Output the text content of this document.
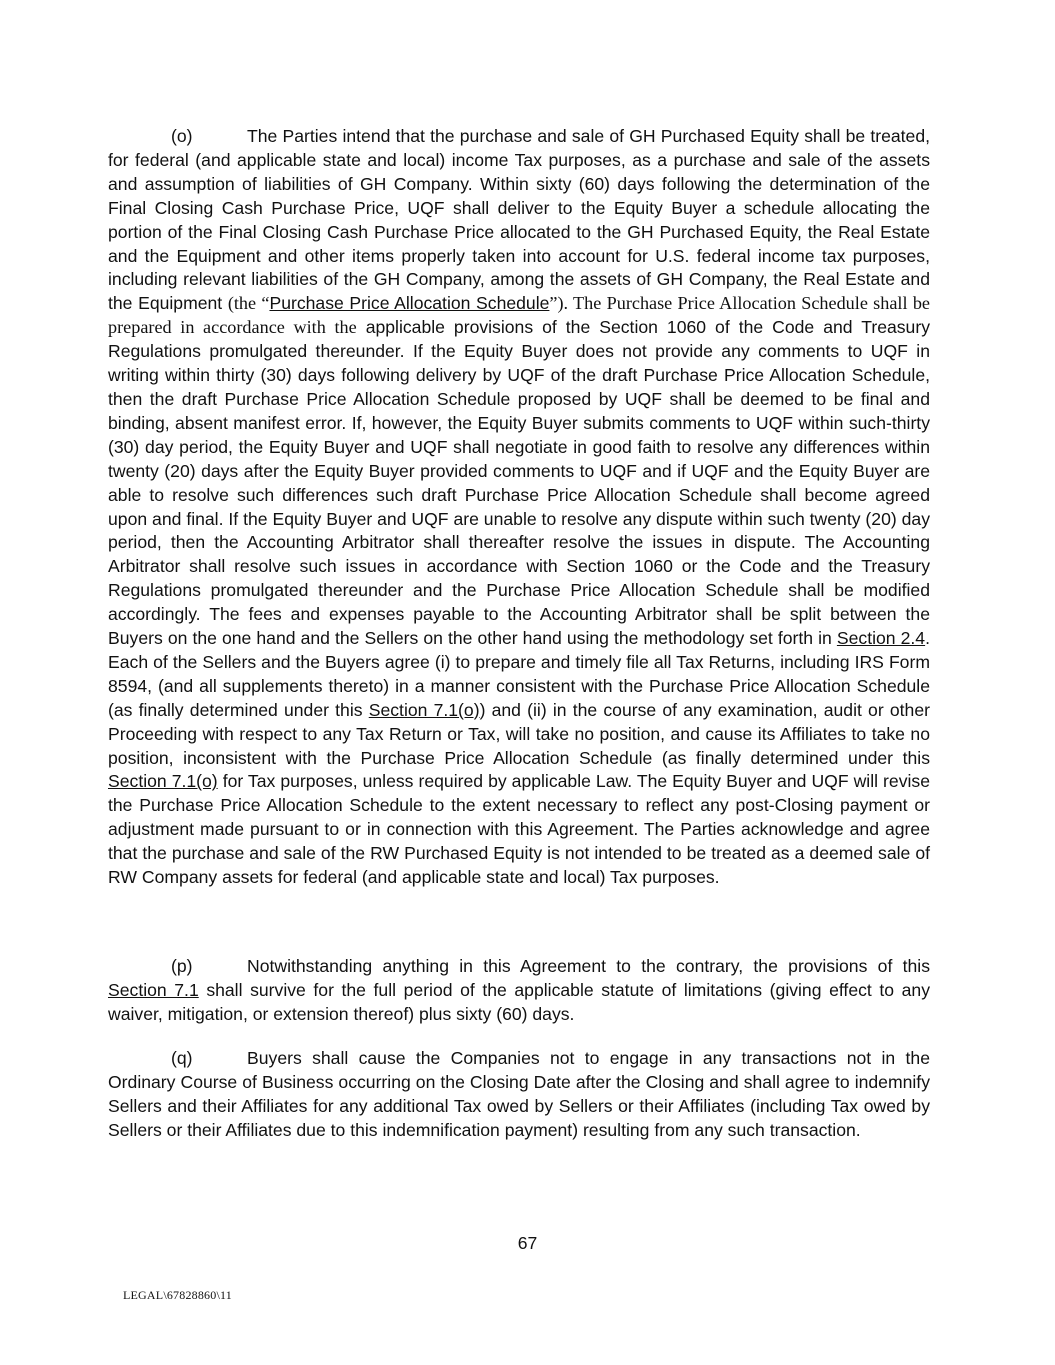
(o)	The Parties intend that the purchase and sale of GH Purchased Equity shall be treated, for federal (and applicable state and local) income Tax purposes, as a purchase and sale of the assets and assumption of liabilities of GH Company. Within sixty (60) days following the determination of the Final Closing Cash Purchase Price, UQF shall deliver to the Equity Buyer a schedule allocating the portion of the Final Closing Cash Purchase Price allocated to the GH Purchased Equity, the Real Estate and the Equipment and other items properly taken into account for U.S. federal income tax purposes, including relevant liabilities of the GH Company, among the assets of GH Company, the Real Estate and the Equipment (the “Purchase Price Allocation Schedule”). The Purchase Price Allocation Schedule shall be prepared in accordance with the applicable provisions of the Section 1060 of the Code and Treasury Regulations promulgated thereunder. If the Equity Buyer does not provide any comments to UQF in writing within thirty (30) days following delivery by UQF of the draft Purchase Price Allocation Schedule, then the draft Purchase Price Allocation Schedule proposed by UQF shall be deemed to be final and binding, absent manifest error. If, however, the Equity Buyer submits comments to UQF within such-thirty (30) day period, the Equity Buyer and UQF shall negotiate in good faith to resolve any differences within twenty (20) days after the Equity Buyer provided comments to UQF and if UQF and the Equity Buyer are able to resolve such differences such draft Purchase Price Allocation Schedule shall become agreed upon and final. If the Equity Buyer and UQF are unable to resolve any dispute within such twenty (20) day period, then the Accounting Arbitrator shall thereafter resolve the issues in dispute. The Accounting Arbitrator shall resolve such issues in accordance with Section 1060 or the Code and the Treasury Regulations promulgated thereunder and the Purchase Price Allocation Schedule shall be modified accordingly. The fees and expenses payable to the Accounting Arbitrator shall be split between the Buyers on the one hand and the Sellers on the other hand using the methodology set forth in Section 2.4. Each of the Sellers and the Buyers agree (i) to prepare and timely file all Tax Returns, including IRS Form 8594, (and all supplements thereto) in a manner consistent with the Purchase Price Allocation Schedule (as finally determined under this Section 7.1(o)) and (ii) in the course of any examination, audit or other Proceeding with respect to any Tax Return or Tax, will take no position, and cause its Affiliates to take no position, inconsistent with the Purchase Price Allocation Schedule (as finally determined under this Section 7.1(o) for Tax purposes, unless required by applicable Law. The Equity Buyer and UQF will revise the Purchase Price Allocation Schedule to the extent necessary to reflect any post-Closing payment or adjustment made pursuant to or in connection with this Agreement. The Parties acknowledge and agree that the purchase and sale of the RW Purchased Equity is not intended to be treated as a deemed sale of RW Company assets for federal (and applicable state and local) Tax purposes.

(p)	Notwithstanding anything in this Agreement to the contrary, the provisions of this Section 7.1 shall survive for the full period of the applicable statute of limitations (giving effect to any waiver, mitigation, or extension thereof) plus sixty (60) days.

(q)	Buyers shall cause the Companies not to engage in any transactions not in the Ordinary Course of Business occurring on the Closing Date after the Closing and shall agree to indemnify Sellers and their Affiliates for any additional Tax owed by Sellers or their Affiliates (including Tax owed by Sellers or their Affiliates due to this indemnification payment) resulting from any such transaction.

67

LEGAL\67828860\11
